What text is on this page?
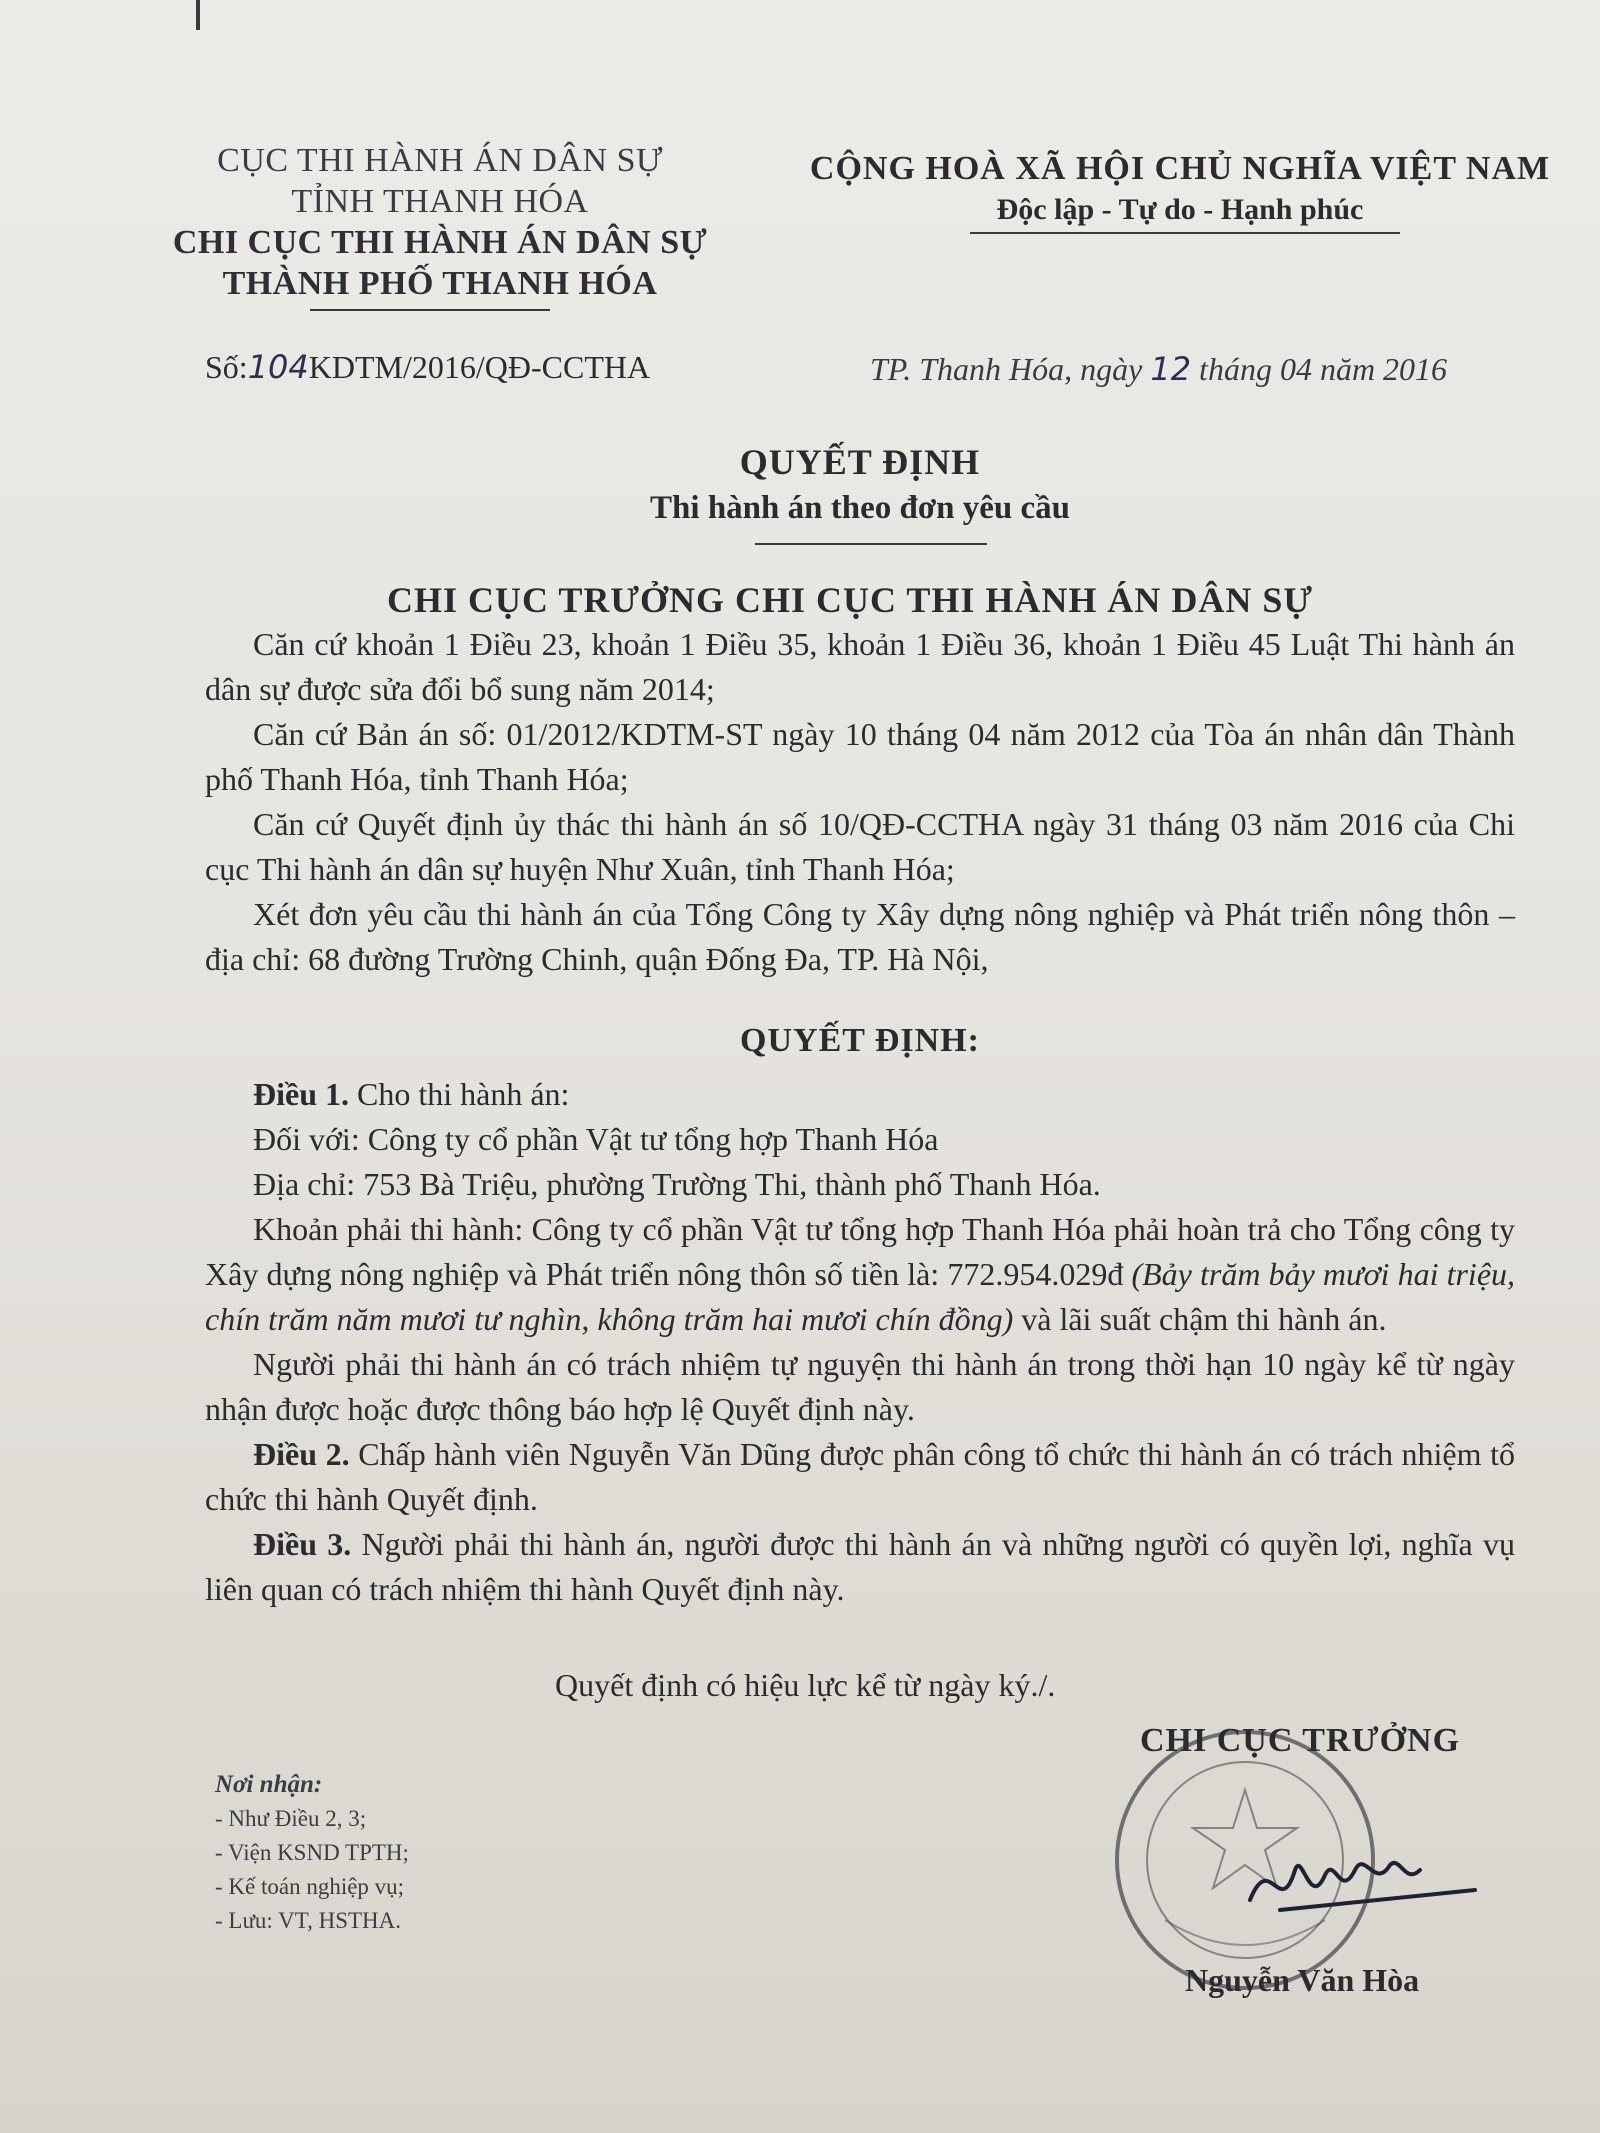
CỤC THI HÀNH ÁN DÂN SỰ
TỈNH THANH HÓA
CHI CỤC THI HÀNH ÁN DÂN SỰ
THÀNH PHỐ THANH HÓA
CỘNG HOÀ XÃ HỘI CHỦ NGHĨA VIỆT NAM
Độc lập - Tự do - Hạnh phúc
Số:104KDTM/2016/QĐ-CCTHA	TP. Thanh Hóa, ngày 12 tháng 04 năm 2016
QUYẾT ĐỊNH
Thi hành án theo đơn yêu cầu
CHI CỤC TRƯỞNG CHI CỤC THI HÀNH ÁN DÂN SỰ
Căn cứ khoản 1 Điều 23, khoản 1 Điều 35, khoản 1 Điều 36, khoản 1 Điều 45 Luật Thi hành án dân sự được sửa đổi bổ sung năm 2014;
Căn cứ Bản án số: 01/2012/KDTM-ST ngày 10 tháng 04 năm 2012 của Tòa án nhân dân Thành phố Thanh Hóa, tỉnh Thanh Hóa;
Căn cứ Quyết định ủy thác thi hành án số 10/QĐ-CCTHA ngày 31 tháng 03 năm 2016 của Chi cục Thi hành án dân sự huyện Như Xuân, tỉnh Thanh Hóa;
Xét đơn yêu cầu thi hành án của Tổng Công ty Xây dựng nông nghiệp và Phát triển nông thôn – địa chỉ: 68 đường Trường Chinh, quận Đống Đa, TP. Hà Nội,
QUYẾT ĐỊNH:
Điều 1. Cho thi hành án:
Đối với: Công ty cổ phần Vật tư tổng hợp Thanh Hóa
Địa chỉ: 753 Bà Triệu, phường Trường Thi, thành phố Thanh Hóa.
Khoản phải thi hành: Công ty cổ phần Vật tư tổng hợp Thanh Hóa phải hoàn trả cho Tổng công ty Xây dựng nông nghiệp và Phát triển nông thôn số tiền là: 772.954.029đ (Bảy trăm bảy mươi hai triệu, chín trăm năm mươi tư nghìn, không trăm hai mươi chín đồng) và lãi suất chậm thi hành án.
Người phải thi hành án có trách nhiệm tự nguyện thi hành án trong thời hạn 10 ngày kể từ ngày nhận được hoặc được thông báo hợp lệ Quyết định này.
Điều 2. Chấp hành viên Nguyễn Văn Dũng được phân công tổ chức thi hành án có trách nhiệm tổ chức thi hành Quyết định.
Điều 3. Người phải thi hành án, người được thi hành án và những người có quyền lợi, nghĩa vụ liên quan có trách nhiệm thi hành Quyết định này.
Quyết định có hiệu lực kể từ ngày ký./.
Nơi nhận:
- Như Điều 2, 3;
- Viện KSND TPTH;
- Kế toán nghiệp vụ;
- Lưu: VT, HSTHA.
CHI CỤC TRƯỞNG
Nguyễn Văn Hòa
